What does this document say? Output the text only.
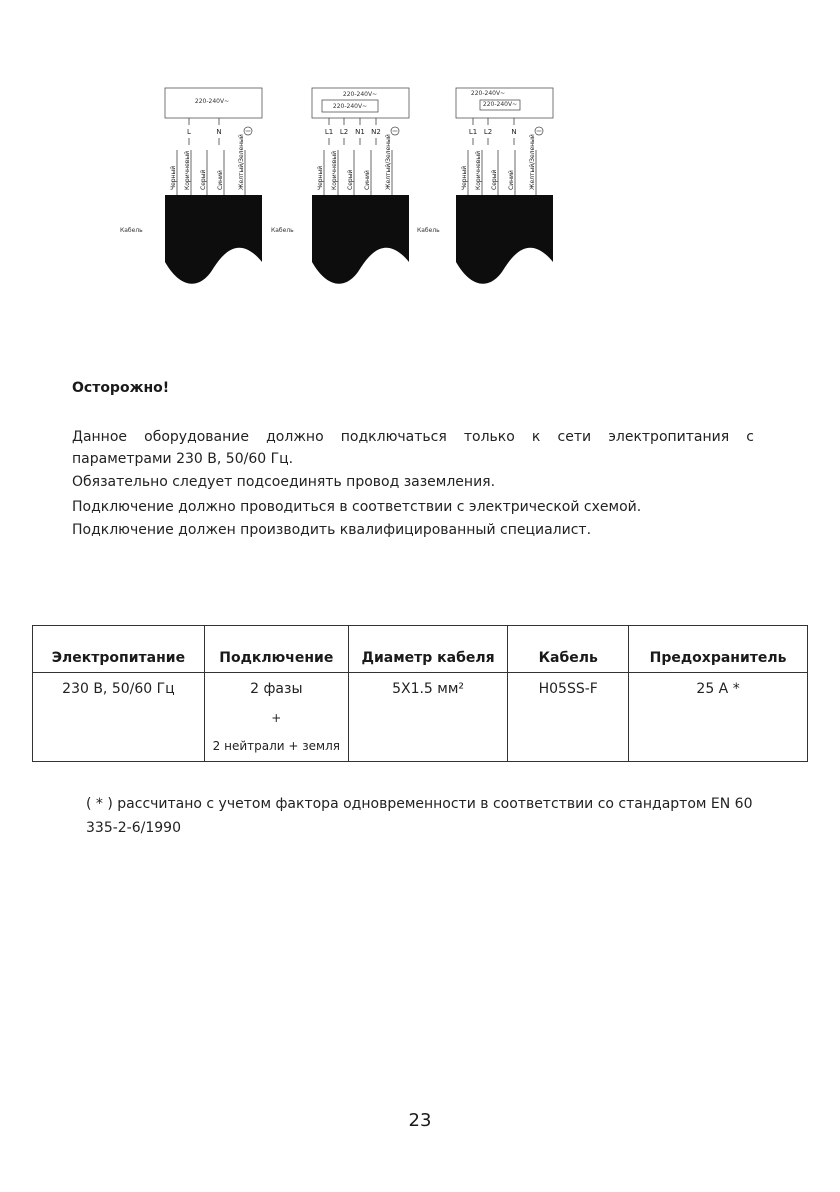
220-240V~
L	N
Черный Коричневый Серый Синий Желтый/Зеленый
Кабель
220-240V~
220-240V~
L1 L2 N1 N2
Черный Коричневый Серый Синий Желтый/Зеленый
Кабель
220-240V~
220-240V~
L1 L2	N
Черный Коричневый Серый Синий Желтый/Зеленый
Кабель

Осторожно!

Данное оборудование должно подключаться только к сети электропитания с параметрами 230 В, 50/60 Гц.

Обязательно следует подсоединять провод заземления.

Подключение должно проводиться в соответствии с электрической схемой.

Подключение должен производить квалифицированный специалист.

Электропитание	Подключение	Диаметр кабеля	Кабель	Предохранитель
230 В, 50/60 Гц	2 фазы
+
2 нейтрали + земля	5X1.5 мм²	H05SS-F	25 A *

( * ) рассчитано с учетом фактора одновременности в соответствии со стандартом EN 60 335-2-6/1990

23
